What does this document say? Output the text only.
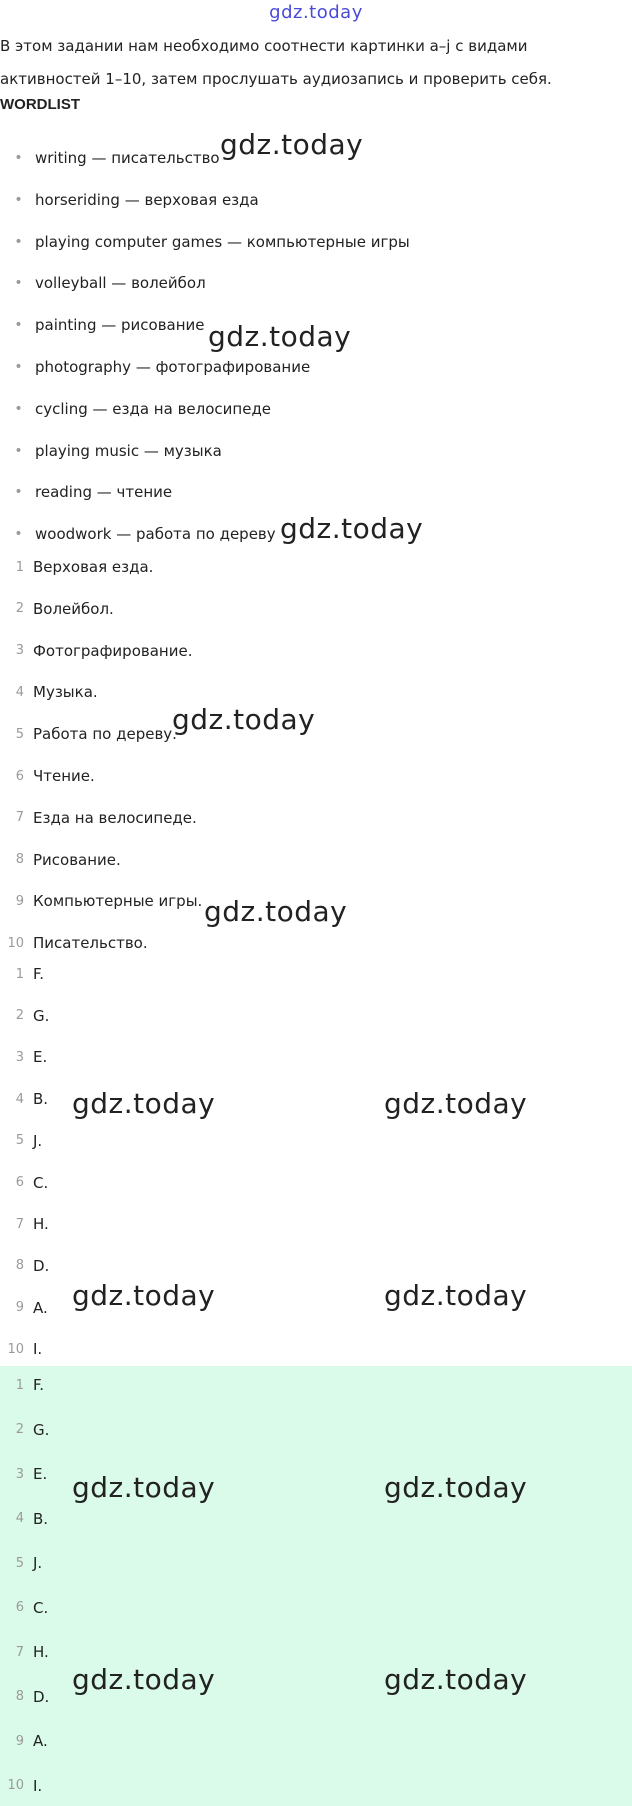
gdz.today
В этом задании нам необходимо соотнести картинки a–j с видами активностей 1–10, затем прослушать аудиозапись и проверить себя.
WORDLIST
• writing — писательство
• horseriding — верховая езда
• playing computer games — компьютерные игры
• volleyball — волейбол
• painting — рисование
• photography — фотографирование
• cycling — езда на велосипеде
• playing music — музыка
• reading — чтение
• woodwork — работа по дереву
1 Верховая езда.
2 Волейбол.
3 Фотографирование.
4 Музыка.
5 Работа по дереву.
6 Чтение.
7 Езда на велосипеде.
8 Рисование.
9 Компьютерные игры.
10 Писательство.
1 F.
2 G.
3 E.
4 B.
5 J.
6 C.
7 H.
8 D.
9 A.
10 I.
1 F.
2 G.
3 E.
4 B.
5 J.
6 C.
7 H.
8 D.
9 A.
10 I.
gdz.today
gdz.today
gdz.today
gdz.today
gdz.today
gdz.today	gdz.today
gdz.today	gdz.today
gdz.today	gdz.today
gdz.today	gdz.today
